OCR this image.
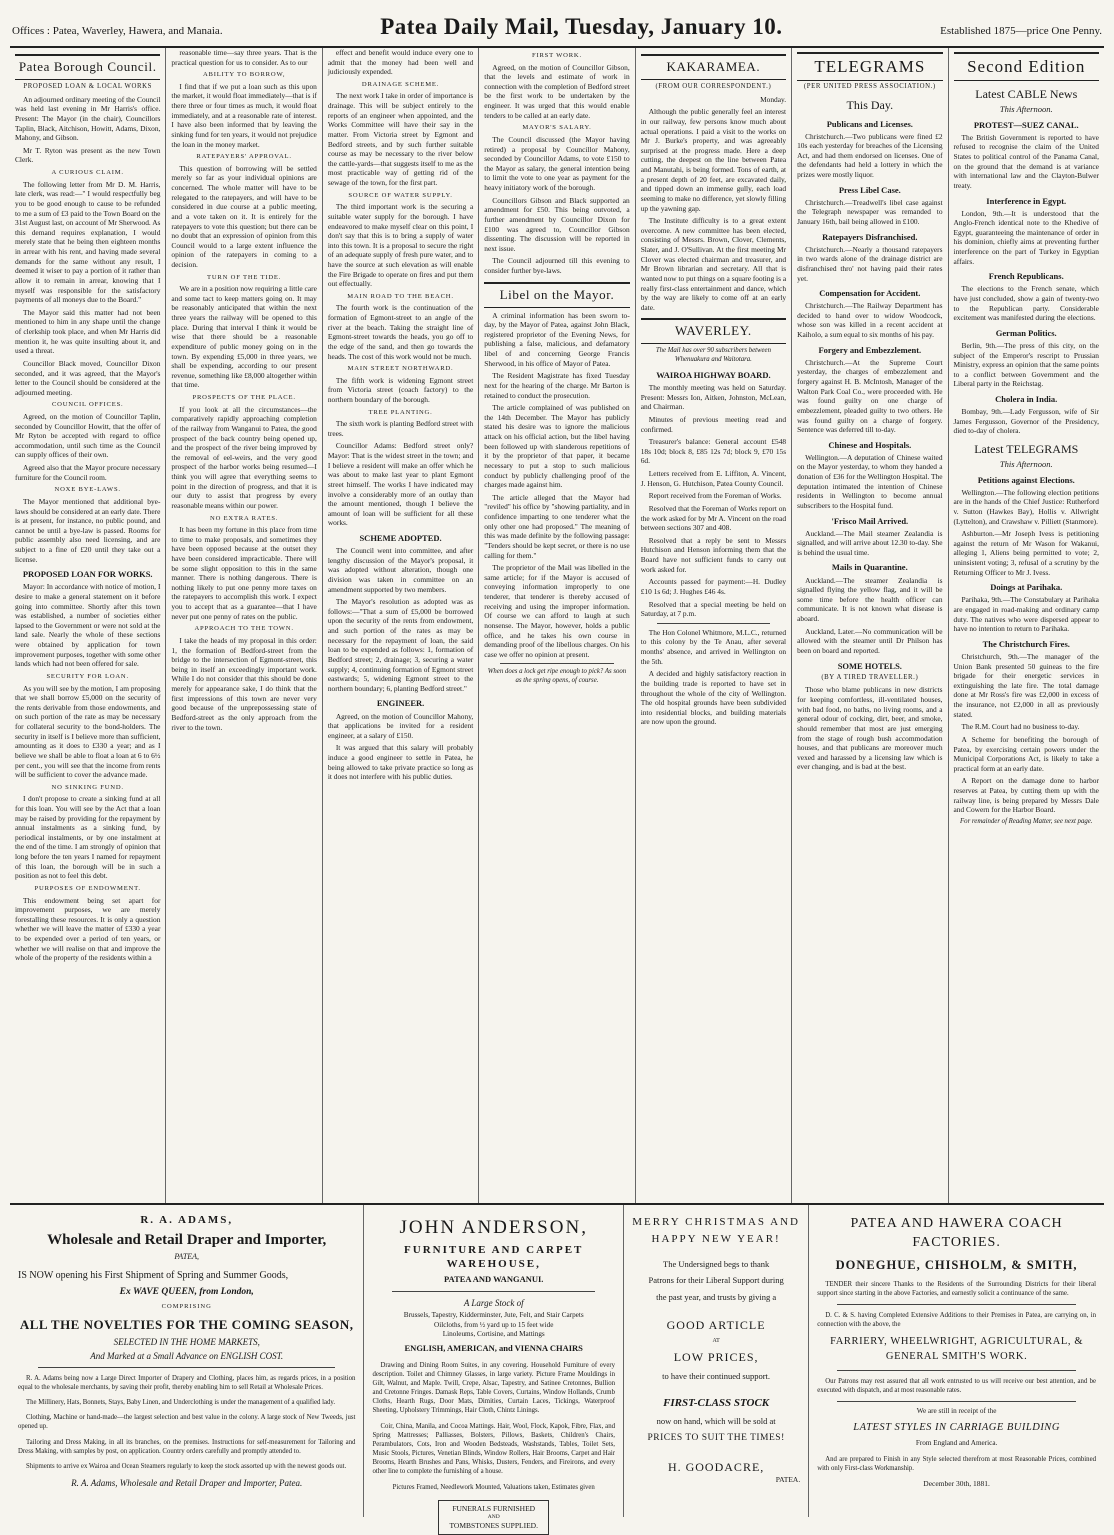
Offices : Patea, Waverley, Hawera, and Manaia.	Patea Daily Mail, Tuesday, January 10.	Established 1875—price One Penny.
Patea Borough Council.
PROPOSED LOAN & LOCAL WORKS

An adjourned ordinary meeting of the Council was held last evening in Mr Harris's office. Present: The Mayor (in the chair), Councillors Taplin, Black, Aitchison, Howitt, Adams, Dixon, Mahony, and Gibson.

Mr T. Ryton was present as the new Town Clerk.

A CURIOUS CLAIM.

The following letter from Mr D. M. Harris, late clerk, was read:—" I would respectfully beg you to be good enough to cause to be refunded to me a sum of £3 paid to the Town Board on the 31st August last, on account of Mr Sherwood. As this demand requires explanation, I would merely state that he being then eighteen months in arrear with his rent, and having made several demands for the same without any result, I deemed it wiser to pay a portion of it rather than allow it to remain in arrear, knowing that I myself was responsible for the satisfactory payments of all moneys due to the Board."

The Mayor said this matter had not been mentioned to him in any shape until the change of clerkship took place, and when Mr Harris did mention it, he was quite insulting about it, and used a threat.

Councillor Black moved, Councillor Dixon seconded, and it was agreed, that the Mayor's letter to the Council should be considered at the adjourned meeting.

COUNCIL OFFICES.

Agreed, on the motion of Councillor Taplin, seconded by Councillor Howitt, that the offer of Mr Ryton be accepted with regard to office accommodation, until such time as the Council can supply offices of their own.

Agreed also that the Mayor procure necessary furniture for the Council room.

NOXE BYE-LAWS.

The Mayor mentioned that additional bye-laws should be considered at an early date. There is at present, for instance, no public pound, and cannot be until a bye-law is passed. Rooms for public assembly also need licensing, and are subject to a fine of £20 until they take out a license.

PROPOSED LOAN FOR WORKS.

Mayor: In accordance with notice of motion, I desire to make a general statement on it before going into committee. Shortly after this town was established, a number of societies either lapsed to the Government or were not sold at the land sale. Nearly the whole of these sections were obtained by application for town improvement purposes, together with some other lands which had not been offered for sale.

SECURITY FOR LOAN.

As you will see by the motion, I am proposing that we shall borrow £5,000 on the security of the rents derivable from those endowments, and on such portion of the rate as may be necessary for collateral security to the bond-holders. The security in itself is I believe more than sufficient, amounting as it does to £330 a year; and as I believe we shall be able to float a loan at 6 to 6½ per cent., you will see that the income from rents will be sufficient to cover the advance made.

NO SINKING FUND.

I don't propose to create a sinking fund at all for this loan. You will see by the Act that a loan may be raised by providing for the repayment by annual instalments as a sinking fund, by periodical instalments, or by one instalment at the end of the time. I am strongly of opinion that long before the ten years I named for repayment of this loan, the borough will be in such a position as not to feel this debt.

PURPOSES OF ENDOWMENT.

This endowment being set apart for improvement purposes, we are merely forestalling these resources. It is only a question whether we will leave the matter of £330 a year to be expended over a period of ten years, or whether we will realise on that and improve the whole of the property of the residents within a

reasonable time—say three years. That is the practical question for us to consider. As to our

ABILITY TO BORROW,

I find that if we put a loan such as this upon the market, it would float immediately—that is if there three or four times as much, it would float immediately, and at a reasonable rate of interest. I have also been informed that by leaving the sinking fund for ten years, it would not prejudice the loan in the money market.

RATEPAYERS' APPROVAL.

This question of borrowing will be settled merely so far as your individual opinions are concerned. The whole matter will have to be relegated to the ratepayers, and will have to be considered in due course at a public meeting, and a vote taken on it. It is entirely for the ratepayers to vote this question; but there can be no doubt that an expression of opinion from this Council would to a large extent influence the opinion of the ratepayers in coming to a decision.

TURN OF THE TIDE.

We are in a position now requiring a little care and some tact to keep matters going on. It may be reasonably anticipated that within the next three years the railway will be opened to this place. During that interval I think it would be wise that there should be a reasonable expenditure of public money going on in the town. By expending £5,000 in three years, we shall be expending, according to our present revenue, something like £8,000 altogether within that time.

PROSPECTS OF THE PLACE.

If you look at all the circumstances—the comparatively rapidly approaching completion of the railway from Wanganui to Patea, the good prospect of the back country being opened up, and the prospect of the river being improved by the removal of eel-weirs, and the very good prospect of the harbor works being resumed—I think you will agree that everything seems to point in the direction of progress, and that it is our duty to assist that progress by every reasonable means within our power.

NO EXTRA RATES.

It has been my fortune in this place from time to time to make proposals, and sometimes they have been opposed because at the outset they have been considered impracticable. There will be some slight opposition to this in the same manner. There is nothing dangerous. There is nothing likely to put one penny more taxes on the ratepayers to accomplish this work. I expect you to accept that as a guarantee—that I have never put one penny of rates on the public.

APPROACH TO THE TOWN.

I take the heads of my proposal in this order: 1, the formation of Bedford-street from the bridge to the intersection of Egmont-street, this being in itself an exceedingly important work. While I do not consider that this should be done merely for appearance sake, I do think that the first impressions of this town are never very good because of the unprepossessing state of Bedford-street as the only approach from the river to the town.

effect and benefit would induce every one to admit that the money had been well and judiciously expended.

DRAINAGE SCHEME.

The next work I take in order of importance is drainage. This will be subject entirely to the reports of an engineer when appointed, and the Works Committee will have their say in the matter. From Victoria street by Egmont and Bedford streets, and by such further suitable course as may be necessary to the river below the cattle-yards—that suggests itself to me as the most practicable way of getting rid of the sewage of the town, for the first part.

SOURCE OF WATER SUPPLY.

The third important work is the securing a suitable water supply for the borough. I have endeavored to make myself clear on this point, I don't say that this is to bring a supply of water into this town. It is a proposal to secure the right of an adequate supply of fresh pure water, and to have the source at such elevation as will enable the Fire Brigade to operate on fires and put them out effectually.

MAIN ROAD TO THE BEACH.

The fourth work is the continuation of the formation of Egmont-street to an angle of the river at the beach. Taking the straight line of Egmont-street towards the heads, you go off to the edge of the sand, and then go towards the heads. The cost of this work would not be much.

MAIN STREET NORTHWARD.

The fifth work is widening Egmont street from Victoria street (coach factory) to the northern boundary of the borough.

TREE PLANTING.

The sixth work is planting Bedford street with trees.

Councillor Adams: Bedford street only? Mayor: That is the widest street in the town; and I believe a resident will make an offer which he was about to make last year to plant Egmont street himself. The works I have indicated may involve a considerably more of an outlay than the amount mentioned, though I believe the amount of loan will be sufficient for all these works.

SCHEME ADOPTED.

The Council went into committee, and after lengthy discussion of the Mayor's proposal, it was adopted without alteration, though one division was taken in committee on an amendment supported by two members.

The Mayor's resolution as adopted was as follows:—"That a sum of £5,000 be borrowed upon the security of the rents from endowment, and such portion of the rates as may be necessary for the repayment of loan, the said loan to be expended as follows: 1, formation of Bedford street; 2, drainage; 3, securing a water supply; 4, continuing formation of Egmont street eastwards; 5, widening Egmont street to the northern boundary; 6, planting Bedford street."

ENGINEER.

Agreed, on the motion of Councillor Mahony, that applications be invited for a resident engineer, at a salary of £150.

It was argued that this salary will probably induce a good engineer to settle in Patea, he being allowed to take private practice so long as it does not interfere with his public duties.

FIRST WORK.

Agreed, on the motion of Councillor Gibson, that the levels and estimate of work in connection with the completion of Bedford street be the first work to be undertaken by the engineer. It was urged that this would enable tenders to be called at an early date.

MAYOR'S SALARY.

The Council discussed (the Mayor having retired) a proposal by Councillor Mahony, seconded by Councillor Adams, to vote £150 to the Mayor as salary, the general intention being to limit the vote to one year as payment for the heavy initiatory work of the borough.

Councillors Gibson and Black supported an amendment for £50. This being outvoted, a further amendment by Councillor Dixon for £100 was agreed to, Councillor Gibson dissenting. The discussion will be reported in next issue.

The Council adjourned till this evening to consider further bye-laws.

Libel on the Mayor.

A criminal information has been sworn to-day, by the Mayor of Patea, against John Black, registered proprietor of the Evening News, for publishing a false, malicious, and defamatory libel of and concerning George Francis Sherwood, in his office of Mayor of Patea.

The Resident Magistrate has fixed Tuesday next for the hearing of the charge. Mr Barton is retained to conduct the prosecution.

The article complained of was published on the 14th December. The Mayor has publicly stated his desire was to ignore the malicious attack on his official action, but the libel having been followed up with slanderous repetitions of it by the proprietor of that paper, it became necessary to put a stop to such malicious conduct by publicly challenging proof of the charges made against him.

The article alleged that the Mayor had "reviled" his office by "showing partiality, and in confidence imparting to one tenderer what the only other one had proposed." The meaning of this was made definite by the following passage: "Tenders should be kept secret, or there is no use calling for them."

The proprietor of the Mail was libelled in the same article; for if the Mayor is accused of conveying information improperly to one tenderer, that tenderer is thereby accused of receiving and using the improper information. Of course we can afford to laugh at such nonsense. The Mayor, however, holds a public office, and he takes his own course in demanding proof of the libellous charges. On his case we offer no opinion at present.

When does a lock get ripe enough to pick? As soon as the spring opens, of course.
KAKARAMEA.
(FROM OUR CORRESPONDENT.)

Monday.

Although the public generally feel an interest in our railway, few persons know much about actual operations. I paid a visit to the works on Mr J. Burke's property, and was agreeably surprised at the progress made. Here a deep cutting, the deepest on the line between Patea and Manutahi, is being formed. Tons of earth, at a present depth of 20 feet, are excavated daily, and tipped down an immense gully, each load seeming to make no difference, yet slowly filling up the yawning gap.

The Institute difficulty is to a great extent overcome. A new committee has been elected, consisting of Messrs. Brown, Clover, Clements, Slater, and J. O'Sullivan. At the first meeting Mr Clover was elected chairman and treasurer, and Mr Brown librarian and secretary. All that is wanted now to put things on a square footing is a really first-class entertainment and dance, which by the way are likely to come off at an early date.

WAVERLEY.
The Mail has over 90 subscribers between Whenuakura and Waitotara.
WAIROA HIGHWAY BOARD.

The monthly meeting was held on Saturday. Present: Messrs Ion, Aitken, Johnston, McLean, and Chairman.

Minutes of previous meeting read and confirmed.

Treasurer's balance: General account £548 18s 10d; block 8, £85 12s 7d; block 9, £70 15s 6d.

Letters received from E. Liffiton, A. Vincent, J. Henson, G. Hutchison, Patea County Council.

Report received from the Foreman of Works.

Resolved that the Foreman of Works report on the work asked for by Mr A. Vincent on the road between sections 307 and 408.

Resolved that a reply be sent to Messrs Hutchison and Henson informing them that the Board have not sufficient funds to carry out work asked for.

Accounts passed for payment:—H. Dudley £10 1s 6d; J. Hughes £46 4s.

Resolved that a special meeting be held on Saturday, at 7 p.m.

The Hon Colonel Whitmore, M.L.C., returned to this colony by the Te Anau, after several months' absence, and arrived in Wellington on the 5th.

A decided and highly satisfactory reaction in the building trade is reported to have set in throughout the whole of the city of Wellington. The old hospital grounds have been subdivided into residential blocks, and building materials are now upon the ground.

TELEGRAMS
(PER UNITED PRESS ASSOCIATION.)
This Day.
Publicans and Licenses.

Christchurch.—Two publicans were fined £2 10s each yesterday for breaches of the Licensing Act, and had them endorsed on licenses. One of the defendants had held a lottery in which the prizes were mostly liquor.

Press Libel Case.

Christchurch.—Treadwell's libel case against the Telegraph newspaper was remanded to January 16th, bail being allowed in £100.

Ratepayers Disfranchised.

Christchurch.—Nearly a thousand ratepayers in two wards alone of the drainage district are disfranchised thro' not having paid their rates yet.

Compensation for Accident.

Christchurch.—The Railway Department has decided to hand over to widow Woodcock, whose son was killed in a recent accident at Kaiholo, a sum equal to six months of his pay.

Forgery and Embezzlement.

Christchurch.—At the Supreme Court yesterday, the charges of embezzlement and forgery against H. B. McIntosh, Manager of the Walton Park Coal Co., were proceeded with. He was found guilty on one charge of embezzlement, pleaded guilty to two others. He was found guilty on a charge of forgery. Sentence was deferred till to-day.

Chinese and Hospitals.

Wellington.—A deputation of Chinese waited on the Mayor yesterday, to whom they handed a donation of £36 for the Wellington Hospital. The deputation intimated the intention of Chinese residents in Wellington to become annual subscribers to the Hospital fund.

'Frisco Mail Arrived.

Auckland.—The Mail steamer Zealandia is signalled, and will arrive about 12.30 to-day. She is behind the usual time.

Mails in Quarantine.

Auckland.—The steamer Zealandia is signalled flying the yellow flag, and it will be some time before the health officer can communicate. It is not known what disease is aboard.

Auckland, Later.—No communication will be allowed with the steamer until Dr Philson has been on board and reported.

SOME HOTELS.
(BY A TIRED TRAVELLER.)

Those who blame publicans in new districts for keeping comfortless, ill-ventilated houses, with bad food, no baths, no living rooms, and a general odour of cocking, dirt, beer, and smoke, should remember that most are just emerging from the stage of rough bush accommodation houses, and that publicans are moreover much vexed and harassed by a licensing law which is ever changing, and is bad at the best.

Second Edition
Latest CABLE News
This Afternoon.
PROTEST—SUEZ CANAL.

The British Government is reported to have refused to recognise the claim of the United States to political control of the Panama Canal, on the ground that the demand is at variance with international law and the Clayton-Bulwer treaty.

Interference in Egypt.

London, 9th.—It is understood that the Anglo-French identical note to the Khedive of Egypt, guaranteeing the maintenance of order in his dominion, chiefly aims at preventing further interference on the part of Turkey in Egyptian affairs.

French Republicans.

The elections to the French senate, which have just concluded, show a gain of twenty-two to the Republican party. Considerable excitement was manifested during the elections.

German Politics.

Berlin, 9th.—The press of this city, on the subject of the Emperor's rescript to Prussian Ministry, express an opinion that the same points to a conflict between Government and the Liberal party in the Reichstag.

Cholera in India.

Bombay, 9th.—Lady Fergusson, wife of Sir James Fergusson, Governor of the Presidency, died to-day of cholera.

Latest TELEGRAMS
This Afternoon.
Petitions against Elections.

Wellington.—The following election petitions are in the hands of the Chief Justice: Rutherford v. Sutton (Hawkes Bay), Hollis v. Allwright (Lyttelton), and Crawshaw v. Pilliett (Stanmore).

Ashburton.—Mr Joseph Ivess is petitioning against the return of Mr Wason for Wakanui, alleging 1, Aliens being permitted to vote; 2, uninsistent voting; 3, refusal of a scrutiny by the Returning Officer to Mr J. Ivess.

Doings at Parihaka.

Parihaka, 9th.—The Constabulary at Parihaka are engaged in road-making and ordinary camp duty. The natives who were dispersed appear to have no intention to return to Parihaka.

The Christchurch Fires.

Christchurch, 9th.—The manager of the Union Bank presented 50 guineas to the fire brigade for their energetic services in extinguishing the late fire. The total damage done at Mr Ross's fire was £2,000 in excess of the insurance, not £2,000 in all as previously stated.

The R.M. Court had no business to-day.

A Scheme for benefiting the borough of Patea, by exercising certain powers under the Municipal Corporations Act, is likely to take a practical form at an early date.

A Report on the damage done to harbor reserves at Patea, by cutting them up with the railway line, is being prepared by Messrs Dale and Cowern for the Harbor Board.

For remainder of Reading Matter, see next page.
R. A. ADAMS,
Wholesale and Retail Draper and Importer,
PATEA,
IS NOW opening his First Shipment of Spring and Summer Goods,
Ex WAVE QUEEN, from London,
COMPRISING
ALL THE NOVELTIES FOR THE COMING SEASON,
SELECTED IN THE HOME MARKETS,
And Marked at a Small Advance on ENGLISH COST.
R. A. Adams being now a Large Direct Importer of Drapery and Clothing, places him, as regards prices, in a position equal to the wholesale merchants, by saving their profit, thereby enabling him to sell Retail at Wholesale Prices.
The Millinery, Hats, Bonnets, Stays, Baby Linen, and Underclothing is under the management of a qualified lady.
Clothing, Machine or hand-made—the largest selection and best value in the colony. A large stock of New Tweeds, just opened up.
Tailoring and Dress Making, in all its branches, on the premises. Instructions for self-measurement for Tailoring and Dress Making, with samples by post, on application. Country orders carefully and promptly attended to.
Shipments to arrive ex Wairoa and Ocean Steamers regularly to keep the stock assorted up with the newest goods out.
R. A. Adams, Wholesale and Retail Draper and Importer, Patea.
JOHN ANDERSON,
FURNITURE AND CARPET WAREHOUSE,
PATEA AND WANGANUI.
A Large Stock of
Brussels, Tapestry, Kidderminster, Jute, Felt, and Stair Carpets
Oilcloths, from ½ yard up to 15 feet wide
Linoleums, Cortisine, and Mattings
ENGLISH, AMERICAN, and VIENNA CHAIRS
Drawing and Dining Room Suites, in any covering. Household Furniture of every description. Toilet and Chimney Glasses, in large variety. Picture Frame Mouldings in Gilt, Walnut, and Maple. Twill, Crepe, Alsac, Tapestry, and Satinee Cretonnes, Bullion and Cretonne Fringes. Damask Reps, Table Covers, Curtains, Window Hollands, Crumb Cloths, Hearth Rugs, Door Mats, Dimities, Curtain Laces, Tickings, Waterproof Sheeting, Upholstery Trimmings, Hair Cloth, Chintz Linings.
Coir, China, Manila, and Cocoa Mattings. Hair, Wool, Flock, Kapok, Fibre, Flax, and Spring Mattresses; Palliasses, Bolsters, Pillows, Baskets, Children's Chairs, Perambulators, Cots, Iron and Wooden Bedsteads, Washstands, Tables, Toilet Sets, Music Stools, Pictures, Venetian Blinds, Window Rollers, Hair Brooms, Carpet and Hair Brooms, Hearth Brushes and Pans, Whisks, Dusters, Fenders, and Fireirons, and every other line to complete the furnishing of a house.
Pictures Framed, Needlework Mounted, Valuations taken, Estimates given
FUNERALS FURNISHED
AND
TOMBSTONES SUPPLIED.
MERRY CHRISTMAS AND
HAPPY NEW YEAR!
The Undersigned begs to thank
Patrons for their Liberal Support during
the past year, and trusts by giving a
GOOD ARTICLE
AT
LOW PRICES,
to have their continued support.
FIRST-CLASS STOCK
now on hand, which will be sold at
PRICES TO SUIT THE TIMES!
H. GOODACRE,
PATEA.
PATEA AND HAWERA COACH FACTORIES.
DONEGHUE, CHISHOLM, & SMITH,
TENDER their sincere Thanks to the Residents of the Surrounding Districts for their liberal support since starting in the above Factories, and earnestly solicit a continuance of the same.
D. C. & S. having Completed Extensive Additions to their Premises in Patea, are carrying on, in connection with the above, the
FARRIERY, WHEELWRIGHT, AGRICULTURAL, & GENERAL SMITH'S WORK.
Our Patrons may rest assured that all work entrusted to us will receive our best attention, and be executed with dispatch, and at most reasonable rates.
We are still in receipt of the
LATEST STYLES IN CARRIAGE BUILDING
From England and America.
And are prepared to Finish in any Style selected therefrom at most Reasonable Prices, combined with only First-class Workmanship.
December 30th, 1881.
